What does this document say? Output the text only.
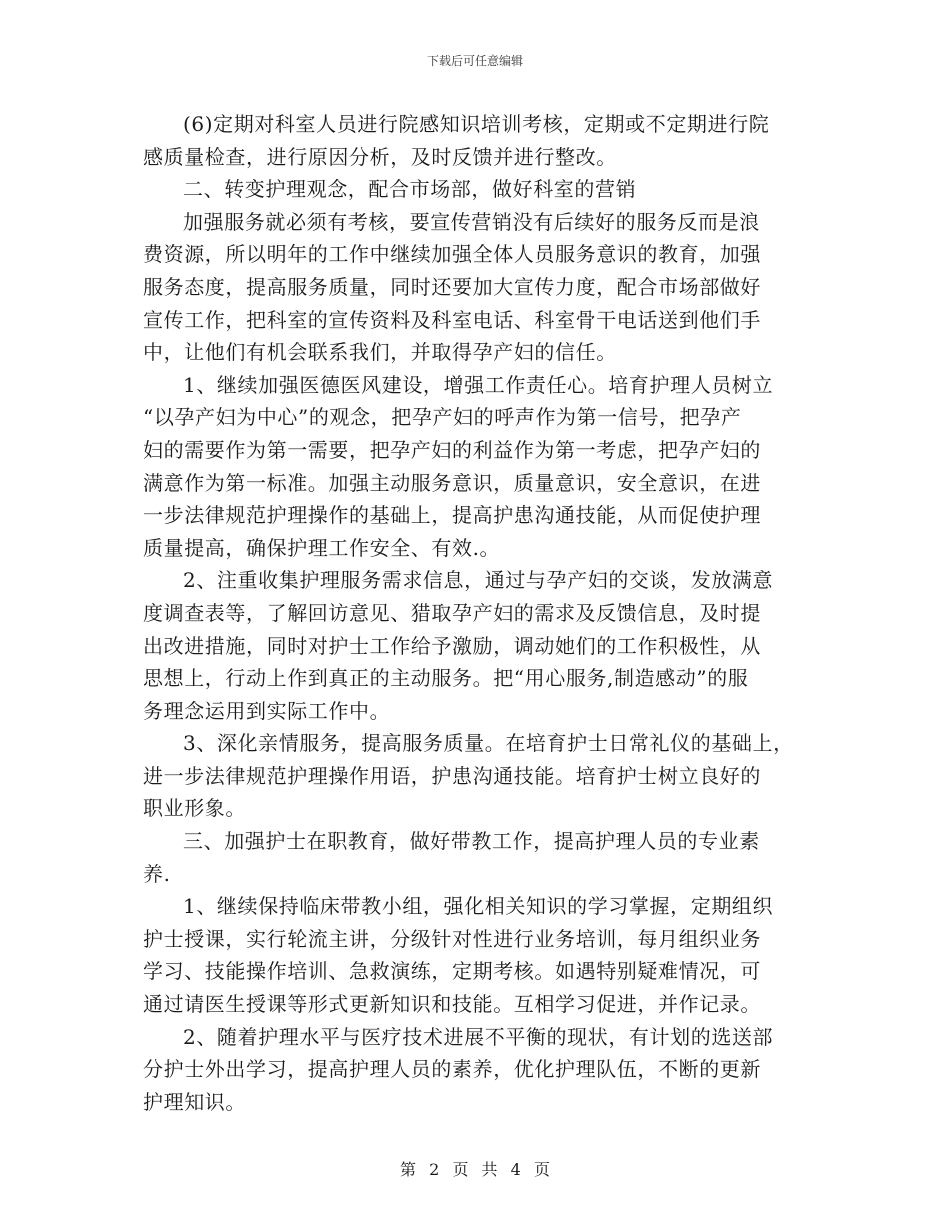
下载后可任意编辑
(6)定期对科室人员进行院感知识培训考核，定期或不定期进行院
感质量检查，进行原因分析，及时反馈并进行整改。
二、转变护理观念，配合市场部，做好科室的营销
加强服务就必须有考核，要宣传营销没有后续好的服务反而是浪
费资源，所以明年的工作中继续加强全体人员服务意识的教育，加强
服务态度，提高服务质量，同时还要加大宣传力度，配合市场部做好
宣传工作，把科室的宣传资料及科室电话、科室骨干电话送到他们手
中，让他们有机会联系我们，并取得孕产妇的信任。
1、继续加强医德医风建设，增强工作责任心。培育护理人员树立
“以孕产妇为中心”的观念，把孕产妇的呼声作为第一信号，把孕产
妇的需要作为第一需要，把孕产妇的利益作为第一考虑，把孕产妇的
满意作为第一标准。加强主动服务意识，质量意识，安全意识，在进
一步法律规范护理操作的基础上，提高护患沟通技能，从而促使护理
质量提高，确保护理工作安全、有效.。
2、注重收集护理服务需求信息，通过与孕产妇的交谈，发放满意
度调查表等，了解回访意见、猎取孕产妇的需求及反馈信息，及时提
出改进措施，同时对护士工作给予激励，调动她们的工作积极性，从
思想上，行动上作到真正的主动服务。把“用心服务,制造感动”的服
务理念运用到实际工作中。
3、深化亲情服务，提高服务质量。在培育护士日常礼仪的基础上，
进一步法律规范护理操作用语，护患沟通技能。培育护士树立良好的
职业形象。
三、加强护士在职教育，做好带教工作，提高护理人员的专业素
养.
1、继续保持临床带教小组，强化相关知识的学习掌握，定期组织
护士授课，实行轮流主讲，分级针对性进行业务培训，每月组织业务
学习、技能操作培训、急救演练，定期考核。如遇特别疑难情况，可
通过请医生授课等形式更新知识和技能。互相学习促进，并作记录。
2、随着护理水平与医疗技术进展不平衡的现状，有计划的选送部
分护士外出学习，提高护理人员的素养，优化护理队伍，不断的更新
护理知识。
第 2 页 共 4 页
